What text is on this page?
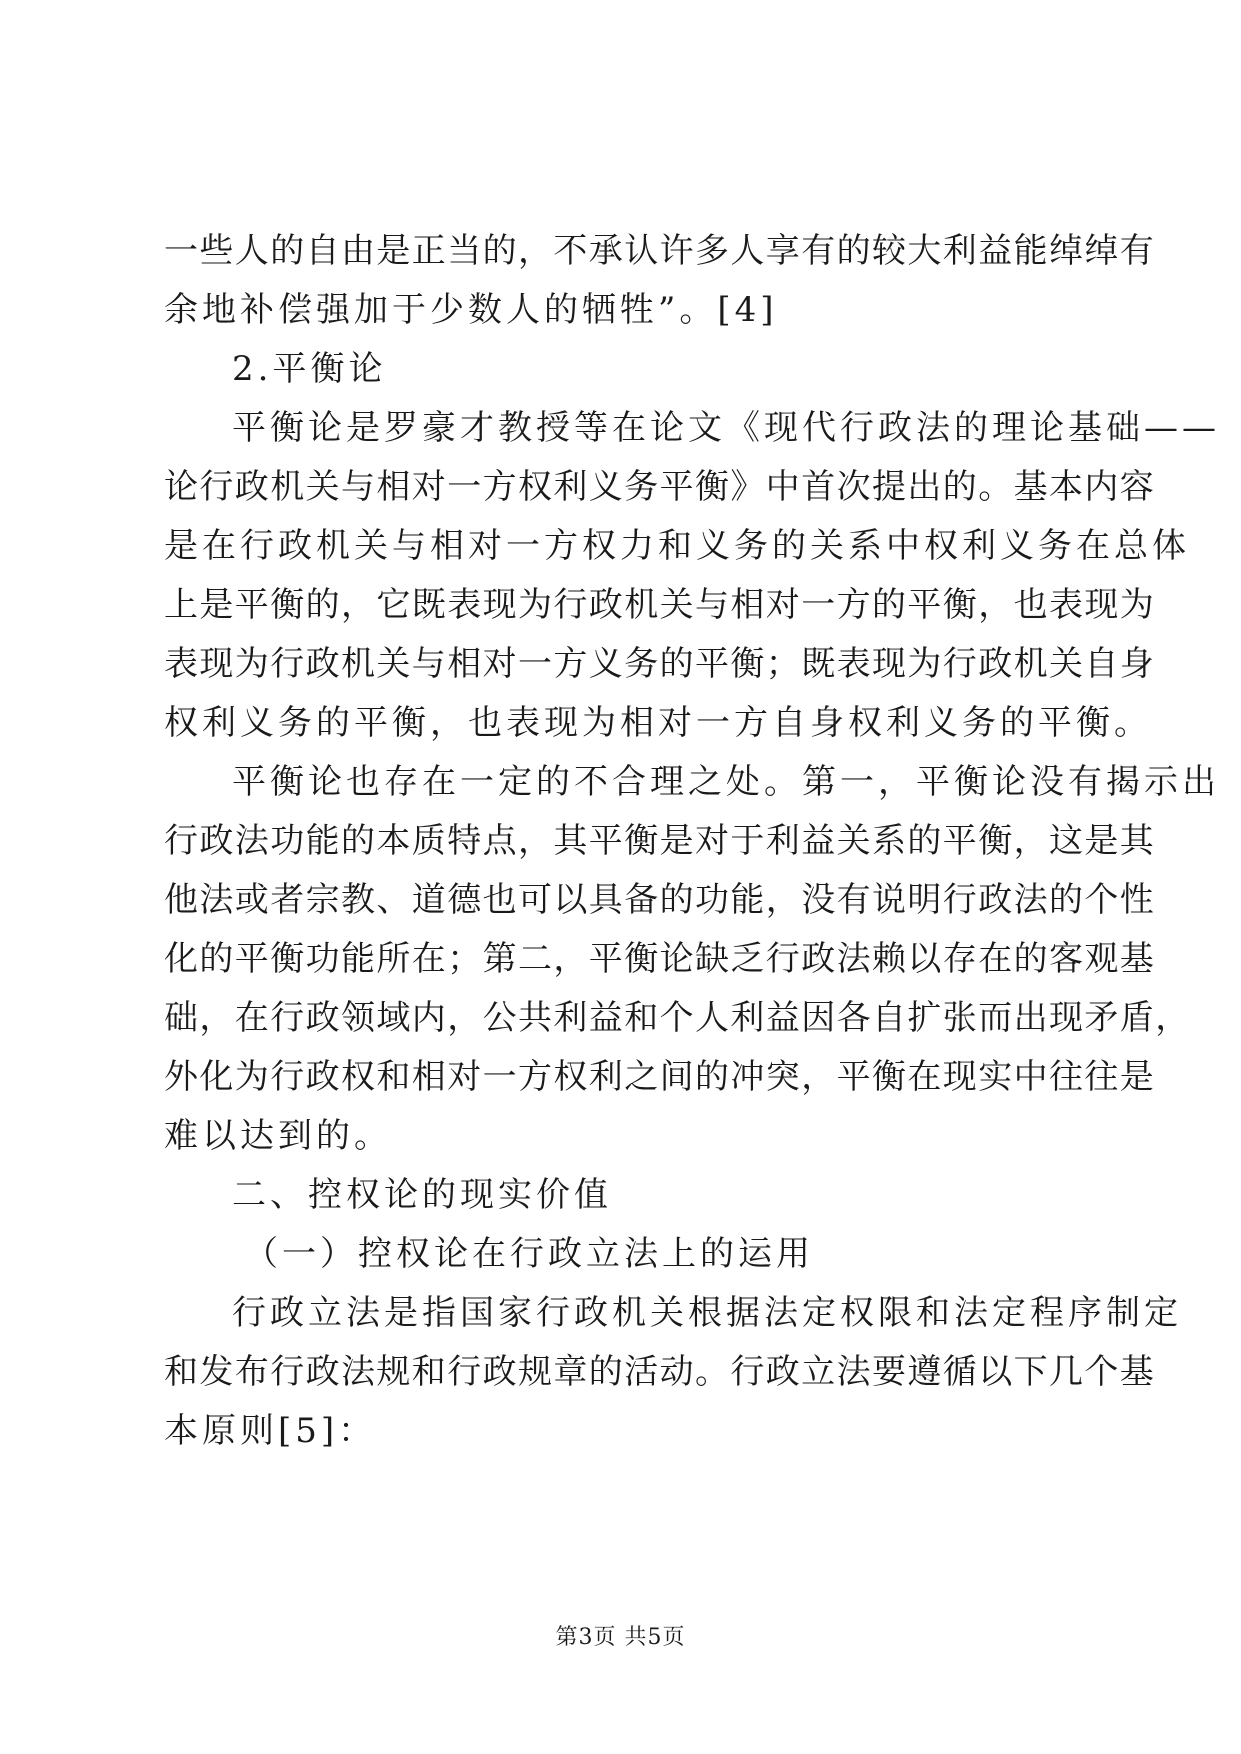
一些人的自由是正当的，不承认许多人享有的较大利益能绰绰有
余地补偿强加于少数人的牺牲”。[4]
2.平衡论
平衡论是罗豪才教授等在论文《现代行政法的理论基础——
论行政机关与相对一方权利义务平衡》中首次提出的。基本内容
是在行政机关与相对一方权力和义务的关系中权利义务在总体
上是平衡的，它既表现为行政机关与相对一方的平衡，也表现为
表现为行政机关与相对一方义务的平衡；既表现为行政机关自身
权利义务的平衡，也表现为相对一方自身权利义务的平衡。
平衡论也存在一定的不合理之处。第一，平衡论没有揭示出
行政法功能的本质特点，其平衡是对于利益关系的平衡，这是其
他法或者宗教、道德也可以具备的功能，没有说明行政法的个性
化的平衡功能所在；第二，平衡论缺乏行政法赖以存在的客观基
础，在行政领域内，公共利益和个人利益因各自扩张而出现矛盾，
外化为行政权和相对一方权利之间的冲突，平衡在现实中往往是
难以达到的。
二、控权论的现实价值
（一）控权论在行政立法上的运用
行政立法是指国家行政机关根据法定权限和法定程序制定
和发布行政法规和行政规章的活动。行政立法要遵循以下几个基
本原则[5]：
第3页 共5页
